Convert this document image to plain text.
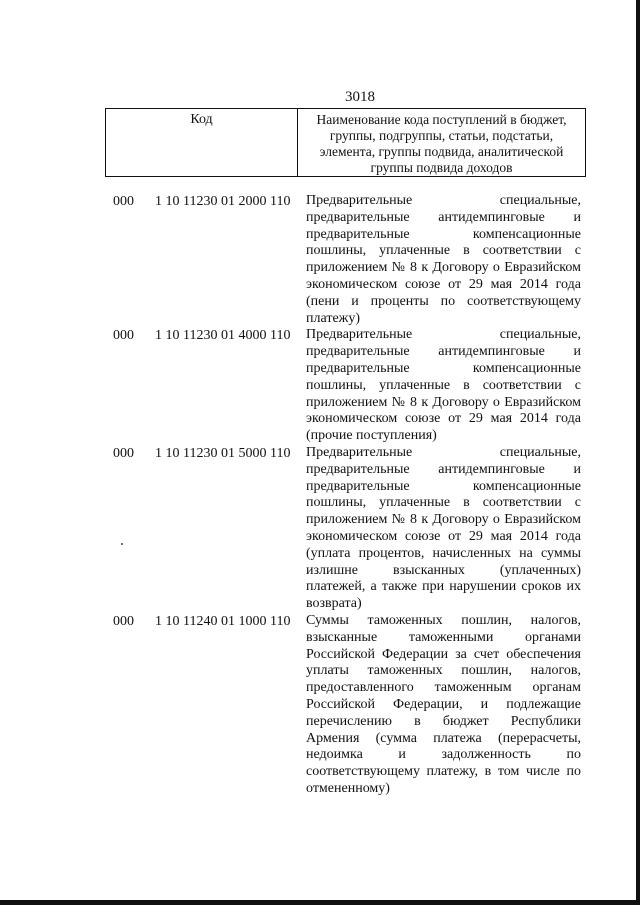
3018
Код	Наименование кода поступлений в бюджет, группы, подгруппы, статьи, подстатьи, элемента, группы подвида, аналитической группы подвида доходов
000 1 10 11230 01 2000 110 Предварительные специальные,
предварительные антидемпинговые и
предварительные компенсационные
пошлины, уплаченные в соответствии с
приложением № 8 к Договору о Евразийском
экономическом союзе от 29 мая 2014 года
(пени и проценты по соответствующему
платежу)
000 1 10 11230 01 4000 110 Предварительные специальные,
предварительные антидемпинговые и
предварительные компенсационные
пошлины, уплаченные в соответствии с
приложением № 8 к Договору о Евразийском
экономическом союзе от 29 мая 2014 года
(прочие поступления)
000 1 10 11230 01 5000 110 Предварительные специальные,
предварительные антидемпинговые и
предварительные компенсационные
пошлины, уплаченные в соответствии с
приложением № 8 к Договору о Евразийском
экономическом союзе от 29 мая 2014 года
(уплата процентов, начисленных на суммы
излишне взысканных (уплаченных)
платежей, а также при нарушении сроков их
возврата)
000 1 10 11240 01 1000 110 Суммы таможенных пошлин, налогов,
взысканные таможенными органами
Российской Федерации за счет обеспечения
уплаты таможенных пошлин, налогов,
предоставленного таможенным органам
Российской Федерации, и подлежащие
перечислению в бюджет Республики
Армения (сумма платежа (перерасчеты,
недоимка и задолженность по
соответствующему платежу, в том числе по
отмененному)
